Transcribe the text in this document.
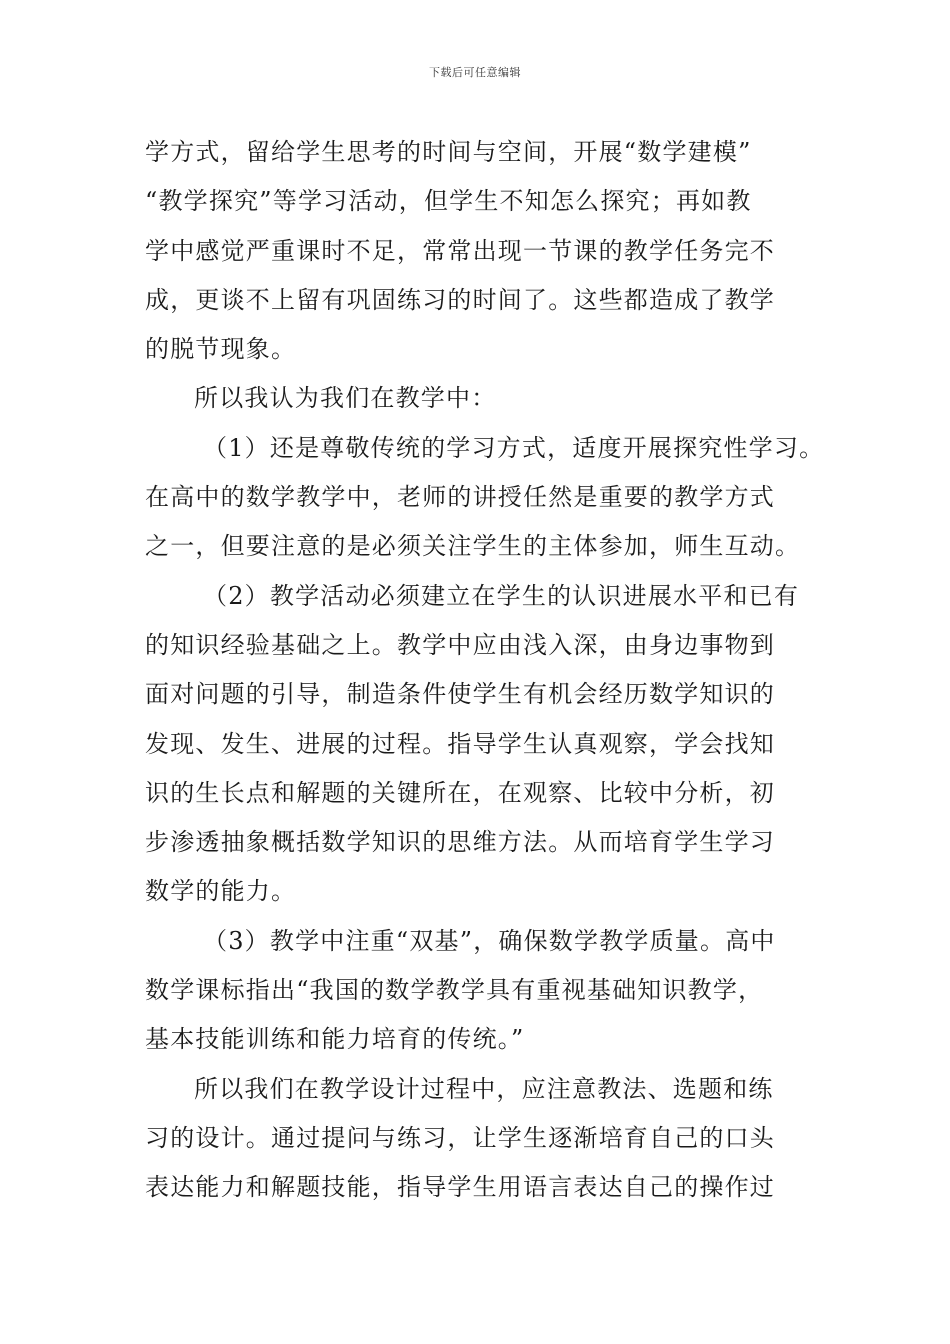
下载后可任意编辑
学方式，留给学生思考的时间与空间，开展“数学建模”
“教学探究”等学习活动，但学生不知怎么探究；再如教
学中感觉严重课时不足，常常出现一节课的教学任务完不
成，更谈不上留有巩固练习的时间了。这些都造成了教学
的脱节现象。
所以我认为我们在教学中：
（1）还是尊敬传统的学习方式，适度开展探究性学习。
在高中的数学教学中，老师的讲授任然是重要的教学方式
之一，但要注意的是必须关注学生的主体参加，师生互动。
（2）教学活动必须建立在学生的认识进展水平和已有
的知识经验基础之上。教学中应由浅入深，由身边事物到
面对问题的引导，制造条件使学生有机会经历数学知识的
发现、发生、进展的过程。指导学生认真观察，学会找知
识的生长点和解题的关键所在，在观察、比较中分析，初
步渗透抽象概括数学知识的思维方法。从而培育学生学习
数学的能力。
（3）教学中注重“双基”，确保数学教学质量。高中
数学课标指出“我国的数学教学具有重视基础知识教学，
基本技能训练和能力培育的传统。”
所以我们在教学设计过程中，应注意教法、选题和练
习的设计。通过提问与练习，让学生逐渐培育自己的口头
表达能力和解题技能，指导学生用语言表达自己的操作过
